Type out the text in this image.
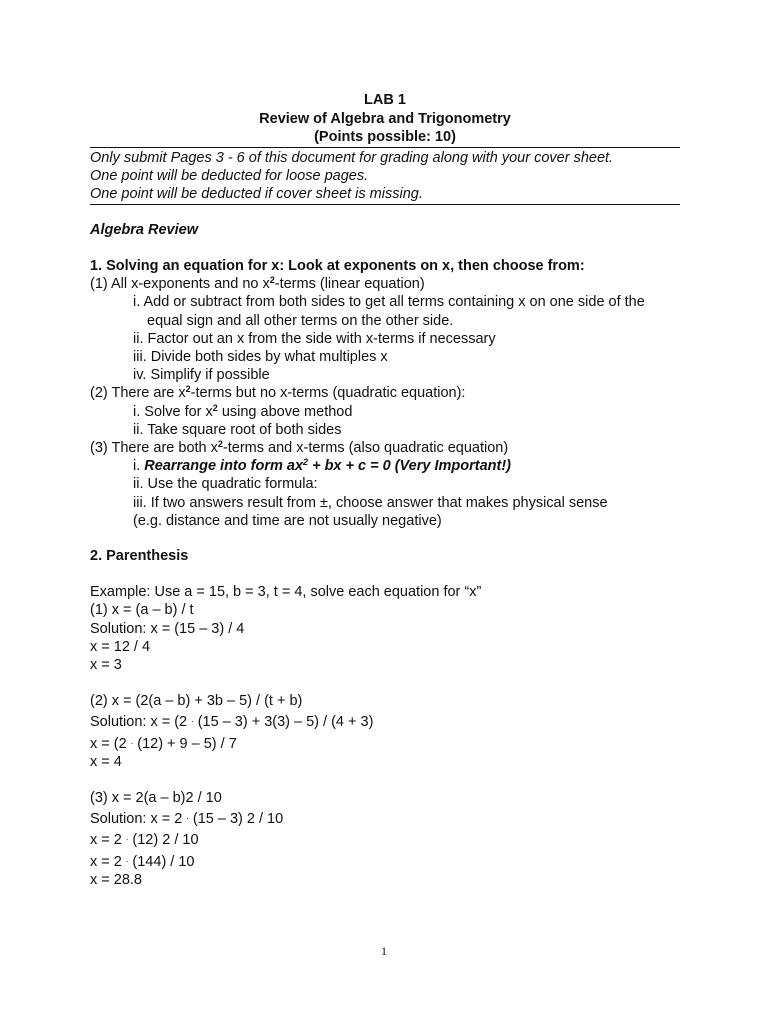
LAB 1
Review of Algebra and Trigonometry
(Points possible: 10)
Only submit Pages 3 - 6 of this document for grading along with your cover sheet.
One point will be deducted for loose pages.
One point will be deducted if cover sheet is missing.
Algebra Review
1. Solving an equation for x: Look at exponents on x, then choose from:
(1) All x-exponents and no $x^2$-terms (linear equation)
i. Add or subtract from both sides to get all terms containing x on one side of the
equal sign and all other terms on the other side.
ii. Factor out an x from the side with x-terms if necessary
iii. Divide both sides by what multiples x
iv. Simplify if possible
(2) There are $x^2$-terms but no x-terms (quadratic equation):
i. Solve for $x^2$ using above method
ii. Take square root of both sides
(3) There are both $x^2$-terms and x-terms (also quadratic equation)
i. Rearrange into form $ax^2$ + bx + c = 0 (Very Important!)
ii. Use the quadratic formula:
iii. If two answers result from ±, choose answer that makes physical sense
(e.g. distance and time are not usually negative)
2. Parenthesis
Example: Use a = 15, b = 3, t = 4, solve each equation for “x”
(1) x = (a – b) / t
Solution: x = (15 – 3) / 4
x = 12 / 4
x = 3
(2) x = (2(a – b) + 3b – 5) / (t + b)
Solution: x = (2 . (15 – 3) + 3(3) – 5) / (4 + 3)
x = (2 . (12) + 9 – 5) / 7
x = 4
(3) x = 2(a – b)2 / 10
Solution: x = 2 . (15 – 3) 2 / 10
x = 2 . (12) 2 / 10
x = 2 . (144) / 10
x = 28.8
1
